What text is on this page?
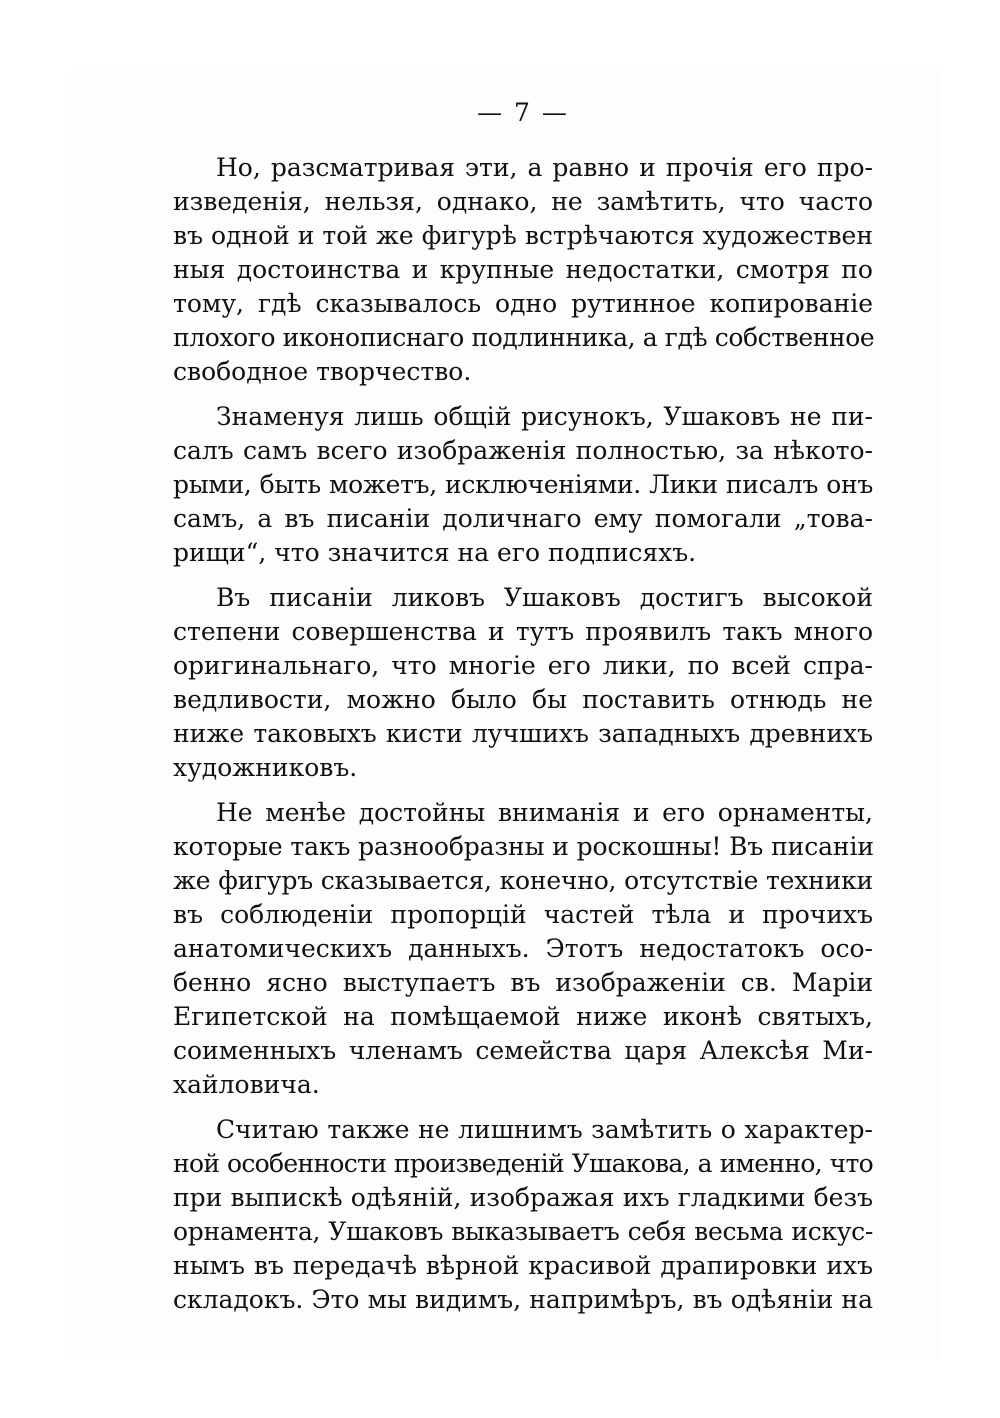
— 7 —
Но, разсматривая эти, а равно и прочія его про-
изведенія, нельзя, однако, не замѣтить, что часто
въ одной и той же фигурѣ встрѣчаются художествен
ныя достоинства и крупные недостатки, смотря по
тому, гдѣ сказывалось одно рутинное копированіе
плохого иконописнаго подлинника, а гдѣ собственное
свободное творчество.
Знаменуя лишь общій рисунокъ, Ушаковъ не пи-
салъ самъ всего изображенія полностью, за нѣкото-
рыми, быть можетъ, исключеніями. Лики писалъ онъ
самъ, а въ писаніи доличнаго ему помогали „това-
рищи“, что значится на его подписяхъ.
Въ писаніи ликовъ Ушаковъ достигъ высокой
степени совершенства и тутъ проявилъ такъ много
оригинальнаго, что многіе его лики, по всей спра-
ведливости, можно было бы поставить отнюдь не
ниже таковыхъ кисти лучшихъ западныхъ древнихъ
художниковъ.
Не менѣе достойны вниманія и его орнаменты,
которые такъ разнообразны и роскошны! Въ писаніи
же фигуръ сказывается, конечно, отсутствіе техники
въ соблюденіи пропорцій частей тѣла и прочихъ
анатомическихъ данныхъ. Этотъ недостатокъ осо-
бенно ясно выступаетъ въ изображеніи св. Маріи
Египетской на помѣщаемой ниже иконѣ святыхъ,
соименныхъ членамъ семейства царя Алексѣя Ми-
хайловича.
Считаю также не лишнимъ замѣтить о характер-
ной особенности произведеній Ушакова, а именно, что
при выпискѣ одѣяній, изображая ихъ гладкими безъ
орнамента, Ушаковъ выказываетъ себя весьма искус-
нымъ въ передачѣ вѣрной красивой драпировки ихъ
складокъ. Это мы видимъ, напримѣръ, въ одѣяніи на
